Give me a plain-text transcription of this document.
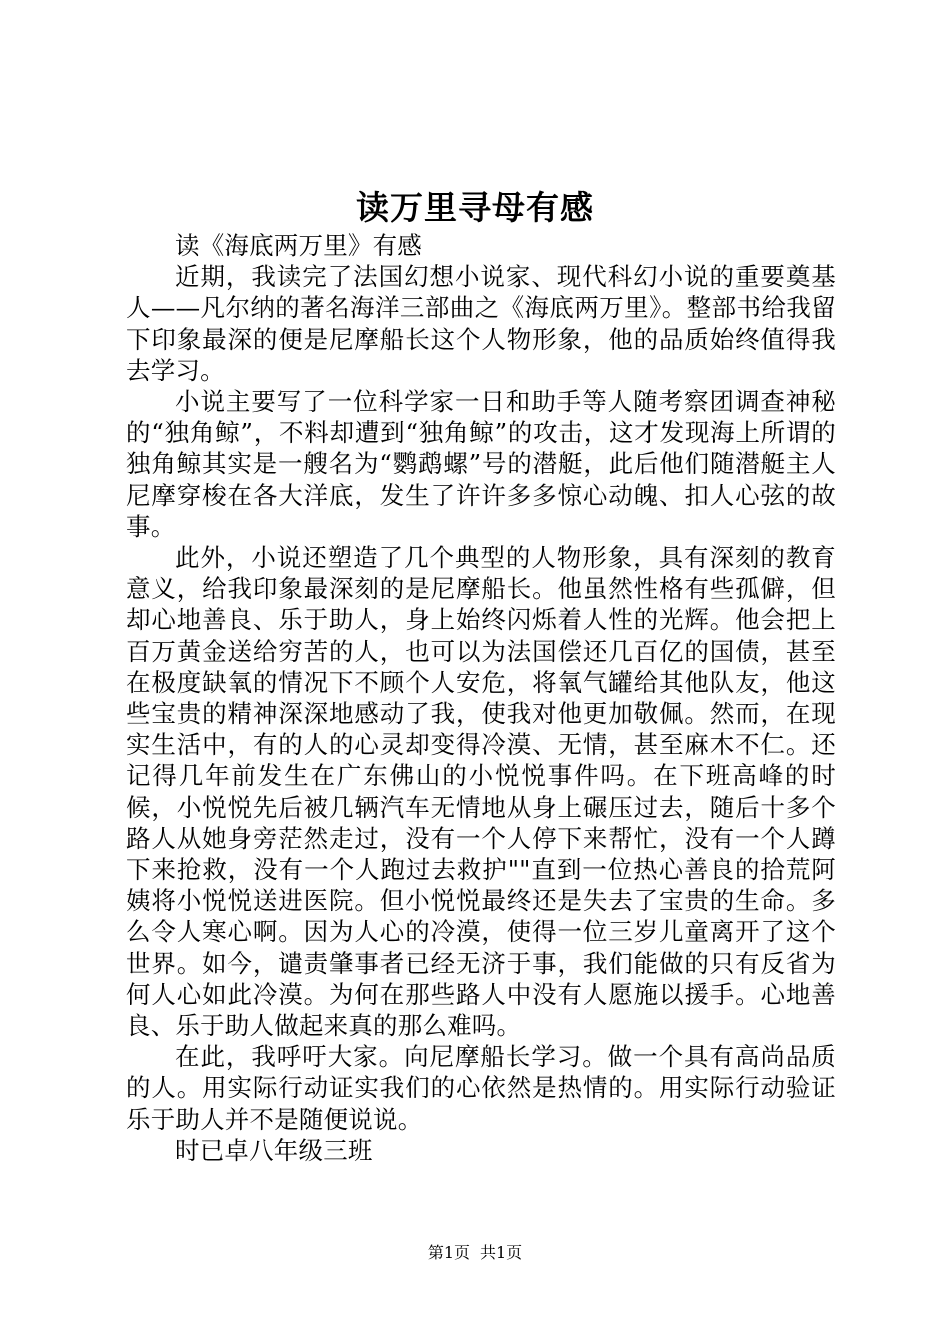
读万里寻母有感

读《海底两万里》有感

近期，我读完了法国幻想小说家、现代科幻小说的重要奠基人——凡尔纳的著名海洋三部曲之《海底两万里》。整部书给我留下印象最深的便是尼摩船长这个人物形象，他的品质始终值得我去学习。

小说主要写了一位科学家一日和助手等人随考察团调查神秘的“独角鲸”，不料却遭到“独角鲸”的攻击，这才发现海上所谓的独角鲸其实是一艘名为“鹦鹉螺”号的潜艇，此后他们随潜艇主人尼摩穿梭在各大洋底，发生了许许多多惊心动魄、扣人心弦的故事。

此外，小说还塑造了几个典型的人物形象，具有深刻的教育意义，给我印象最深刻的是尼摩船长。他虽然性格有些孤僻，但却心地善良、乐于助人，身上始终闪烁着人性的光辉。他会把上百万黄金送给穷苦的人，也可以为法国偿还几百亿的国债，甚至在极度缺氧的情况下不顾个人安危，将氧气罐给其他队友，他这些宝贵的精神深深地感动了我，使我对他更加敬佩。然而，在现实生活中，有的人的心灵却变得冷漠、无情，甚至麻木不仁。还记得几年前发生在广东佛山的小悦悦事件吗。在下班高峰的时候，小悦悦先后被几辆汽车无情地从身上碾压过去，随后十多个路人从她身旁茫然走过，没有一个人停下来帮忙，没有一个人蹲下来抢救，没有一个人跑过去救护""直到一位热心善良的拾荒阿姨将小悦悦送进医院。但小悦悦最终还是失去了宝贵的生命。多么令人寒心啊。因为人心的冷漠，使得一位三岁儿童离开了这个世界。如今，谴责肇事者已经无济于事，我们能做的只有反省为何人心如此冷漠。为何在那些路人中没有人愿施以援手。心地善良、乐于助人做起来真的那么难吗。

在此，我呼吁大家。向尼摩船长学习。做一个具有高尚品质的人。用实际行动证实我们的心依然是热情的。用实际行动验证乐于助人并不是随便说说。

时已卓八年级三班

第1页 共1页
